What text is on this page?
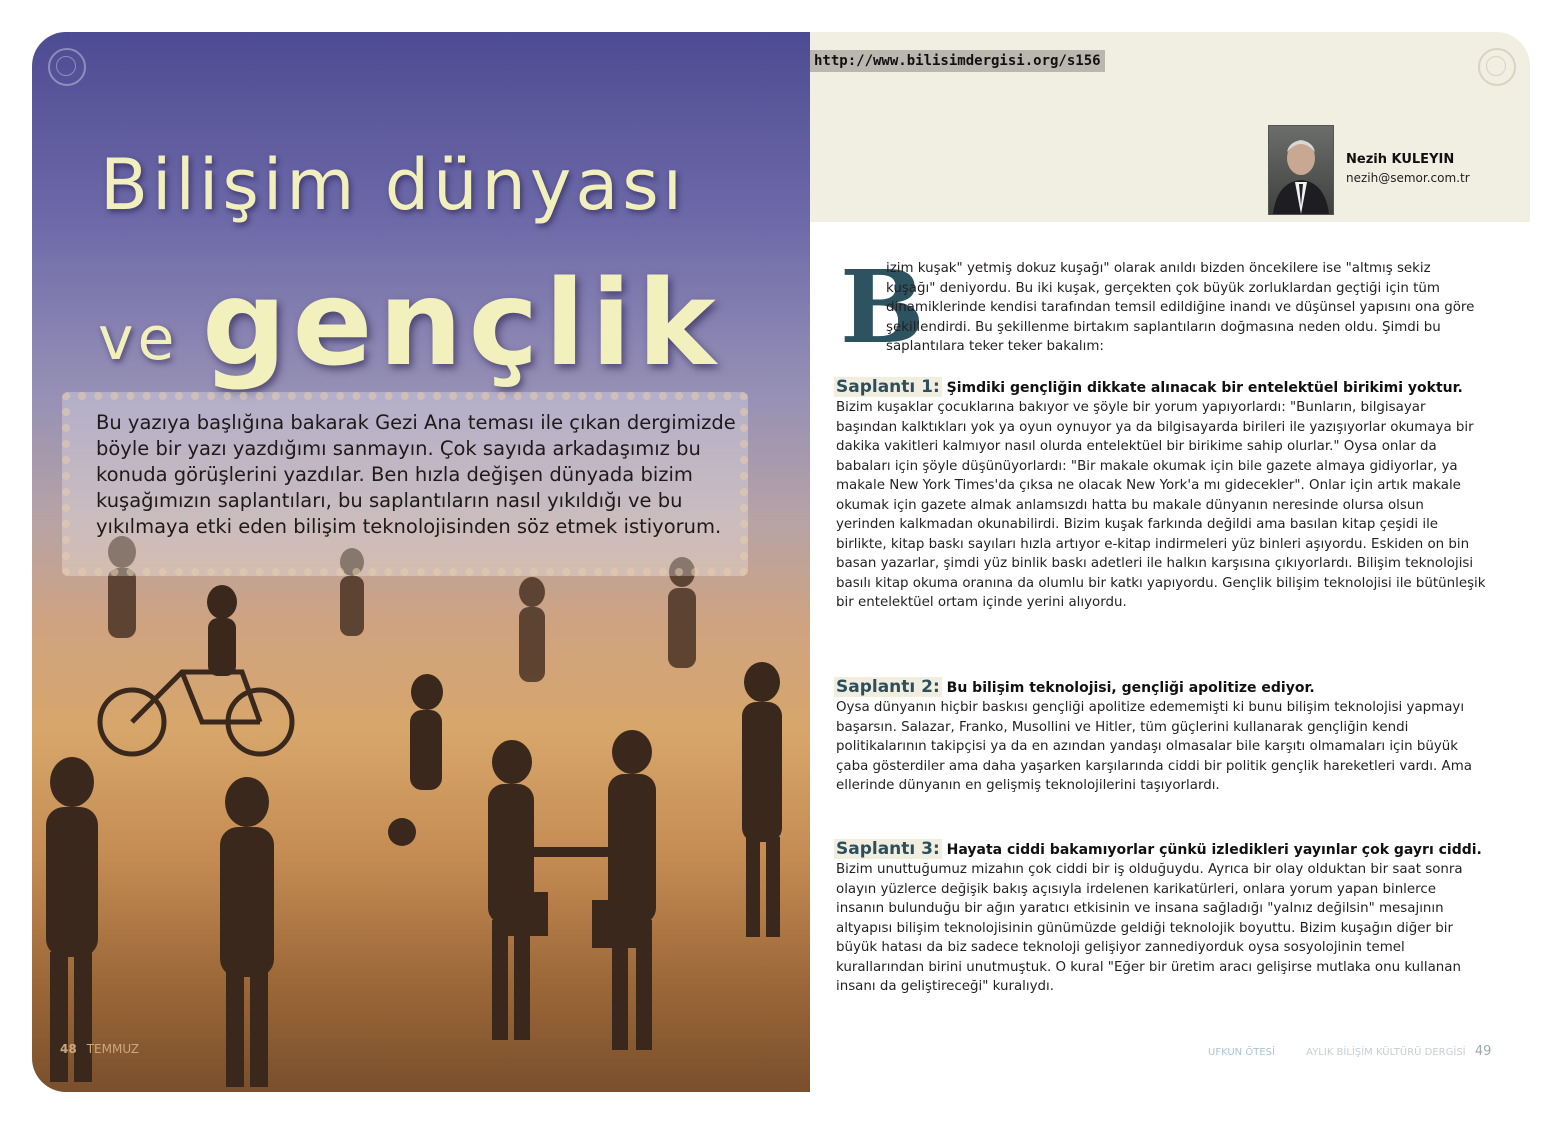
Bilişim dünyası
ve gençlik
Bu yazıya başlığına bakarak Gezi Ana teması ile çıkan dergimizde böyle bir yazı yazdığımı sanmayın. Çok sayıda arkadaşımız bu konuda görüşlerini yazdılar. Ben hızla değişen dünyada bizim kuşağımızın saplantıları, bu saplantıların nasıl yıkıldığı ve bu yıkılmaya etki eden bilişim teknolojisinden söz etmek istiyorum.
48 TEMMUZ
http://www.bilisimdergisi.org/s156
Nezih KULEYIN
nezih@semor.com.tr
B
izim kuşak" yetmiş dokuz kuşağı" olarak anıldı bizden öncekilere ise "altmış sekiz kuşağı" deniyordu. Bu iki kuşak, gerçekten çok büyük zorluklardan geçtiği için tüm dinamiklerinde kendisi tarafından temsil edildiğine inandı ve düşünsel yapısını ona göre şekillendirdi. Bu şekillenme birtakım saplantıların doğmasına neden oldu. Şimdi bu saplantılara teker teker bakalım:
Saplantı 1: Şimdiki gençliğin dikkate alınacak bir entelektüel birikimi yoktur.
Bizim kuşaklar çocuklarına bakıyor ve şöyle bir yorum yapıyorlardı: "Bunların, bilgisayar başından kalktıkları yok ya oyun oynuyor ya da bilgisayarda birileri ile yazışıyorlar okumaya bir dakika vakitleri kalmıyor nasıl olurda entelektüel bir birikime sahip olurlar." Oysa onlar da babaları için şöyle düşünüyorlardı: "Bir makale okumak için bile gazete almaya gidiyorlar, ya makale New York Times'da çıksa ne olacak New York'a mı gidecekler". Onlar için artık makale okumak için gazete almak anlamsızdı hatta bu makale dünyanın neresinde olursa olsun yerinden kalkmadan okunabilirdi. Bizim kuşak farkında değildi ama basılan kitap çeşidi ile birlikte, kitap baskı sayıları hızla artıyor e-kitap indirmeleri yüz binleri aşıyordu. Eskiden on bin basan yazarlar, şimdi yüz binlik baskı adetleri ile halkın karşısına çıkıyorlardı. Bilişim teknolojisi basılı kitap okuma oranına da olumlu bir katkı yapıyordu. Gençlik bilişim teknolojisi ile bütünleşik bir entelektüel ortam içinde yerini alıyordu.
Saplantı 2: Bu bilişim teknolojisi, gençliği apolitize ediyor.
Oysa dünyanın hiçbir baskısı gençliği apolitize edememişti ki bunu bilişim teknolojisi yapmayı başarsın. Salazar, Franko, Musollini ve Hitler, tüm güçlerini kullanarak gençliğin kendi politikalarının takipçisi ya da en azından yandaşı olmasalar bile karşıtı olmamaları için büyük çaba gösterdiler ama daha yaşarken karşılarında ciddi bir politik gençlik hareketleri vardı. Ama ellerinde dünyanın en gelişmiş teknolojilerini taşıyorlardı.
Saplantı 3: Hayata ciddi bakamıyorlar çünkü izledikleri yayınlar çok gayrı ciddi.
Bizim unuttuğumuz mizahın çok ciddi bir iş olduğuydu. Ayrıca bir olay olduktan bir saat sonra olayın yüzlerce değişik bakış açısıyla irdelenen karikatürleri, onlara yorum yapan binlerce insanın bulunduğu bir ağın yaratıcı etkisinin ve insana sağladığı "yalnız değilsin" mesajının altyapısı bilişim teknolojisinin günümüzde geldiği teknolojik boyuttu. Bizim kuşağın diğer bir büyük hatası da biz sadece teknoloji gelişiyor zannediyorduk oysa sosyolojinin temel kurallarından birini unutmuştuk. O kural "Eğer bir üretim aracı gelişirse mutlaka onu kullanan insanı da geliştireceği" kuralıydı.
UFKUN ÖTESİ	AYLIK BİLİŞİM KÜLTÜRÜ DERGİSİ 49
